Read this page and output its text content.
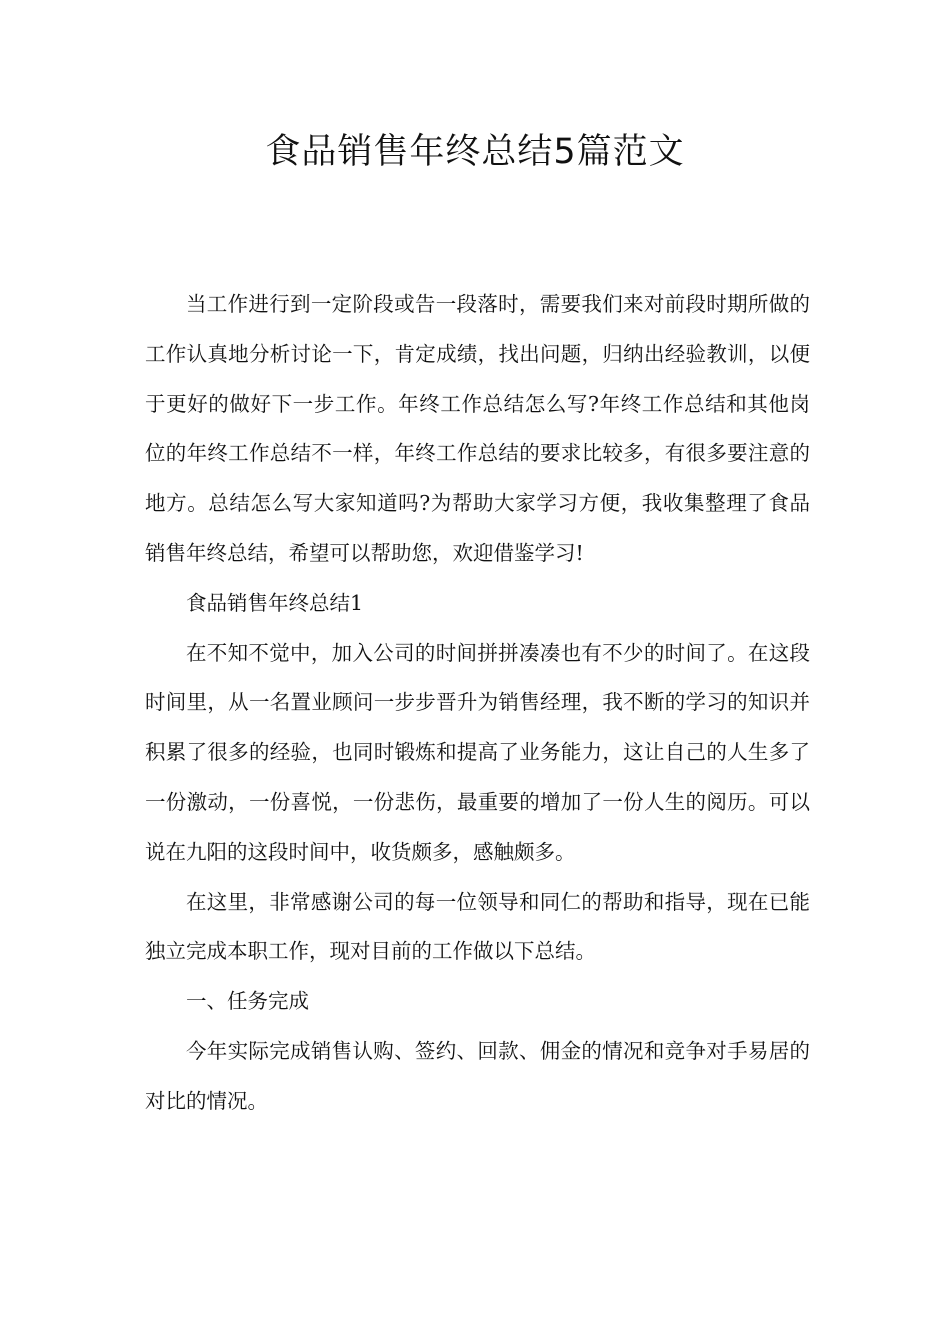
食品销售年终总结5篇范文

当工作进行到一定阶段或告一段落时，需要我们来对前段时期所做的工作认真地分析讨论一下，肯定成绩，找出问题，归纳出经验教训，以便于更好的做好下一步工作。年终工作总结怎么写?年终工作总结和其他岗位的年终工作总结不一样，年终工作总结的要求比较多，有很多要注意的地方。总结怎么写大家知道吗?为帮助大家学习方便，我收集整理了食品销售年终总结，希望可以帮助您，欢迎借鉴学习!

食品销售年终总结1

在不知不觉中，加入公司的时间拼拼凑凑也有不少的时间了。在这段时间里，从一名置业顾问一步步晋升为销售经理，我不断的学习的知识并积累了很多的经验，也同时锻炼和提高了业务能力，这让自己的人生多了一份激动，一份喜悦，一份悲伤，最重要的增加了一份人生的阅历。可以说在九阳的这段时间中，收货颇多，感触颇多。

在这里，非常感谢公司的每一位领导和同仁的帮助和指导，现在已能独立完成本职工作，现对目前的工作做以下总结。

一、任务完成

今年实际完成销售认购、签约、回款、佣金的情况和竞争对手易居的对比的情况。
